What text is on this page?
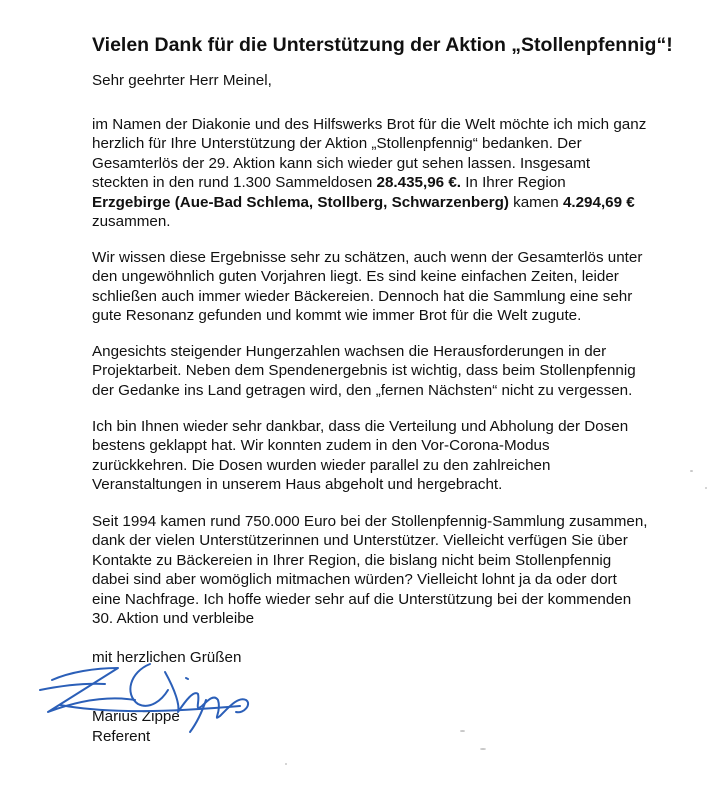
Vielen Dank für die Unterstützung der Aktion „Stollenpfennig“!

Sehr geehrter Herr Meinel,

im Namen der Diakonie und des Hilfswerks Brot für die Welt möchte ich mich ganz
herzlich für Ihre Unterstützung der Aktion „Stollenpfennig“ bedanken. Der
Gesamterlös der 29. Aktion kann sich wieder gut sehen lassen. Insgesamt
steckten in den rund 1.300 Sammeldosen 28.435,96 €. In Ihrer Region
Erzgebirge (Aue-Bad Schlema, Stollberg, Schwarzenberg) kamen 4.294,69 €
zusammen.

Wir wissen diese Ergebnisse sehr zu schätzen, auch wenn der Gesamterlös unter
den ungewöhnlich guten Vorjahren liegt. Es sind keine einfachen Zeiten, leider
schließen auch immer wieder Bäckereien. Dennoch hat die Sammlung eine sehr
gute Resonanz gefunden und kommt wie immer Brot für die Welt zugute.

Angesichts steigender Hungerzahlen wachsen die Herausforderungen in der
Projektarbeit. Neben dem Spendenergebnis ist wichtig, dass beim Stollenpfennig
der Gedanke ins Land getragen wird, den „fernen Nächsten“ nicht zu vergessen.

Ich bin Ihnen wieder sehr dankbar, dass die Verteilung und Abholung der Dosen
bestens geklappt hat. Wir konnten zudem in den Vor-Corona-Modus
zurückkehren. Die Dosen wurden wieder parallel zu den zahlreichen
Veranstaltungen in unserem Haus abgeholt und hergebracht.

Seit 1994 kamen rund 750.000 Euro bei der Stollenpfennig-Sammlung zusammen,
dank der vielen Unterstützerinnen und Unterstützer. Vielleicht verfügen Sie über
Kontakte zu Bäckereien in Ihrer Region, die bislang nicht beim Stollenpfennig
dabei sind aber womöglich mitmachen würden? Vielleicht lohnt ja da oder dort
eine Nachfrage. Ich hoffe wieder sehr auf die Unterstützung bei der kommenden
30. Aktion und verbleibe

mit herzlichen Grüßen

Marius Zippe

Referent
